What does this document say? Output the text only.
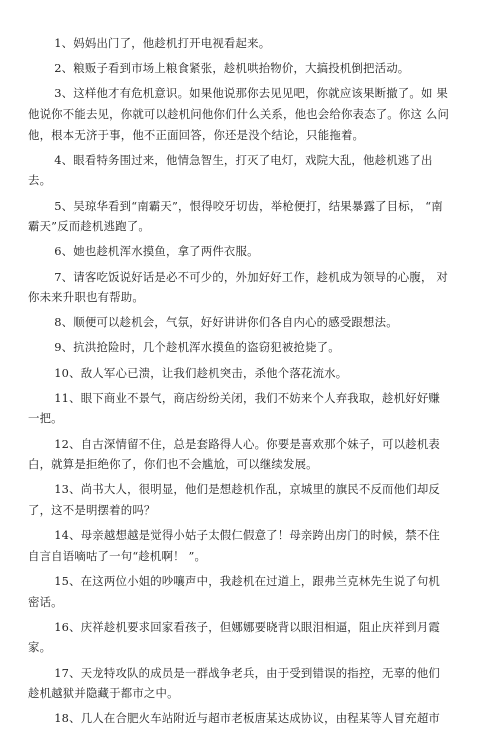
1、妈妈出门了，他趁机打开电视看起来。

2、粮贩子看到市场上粮食紧张，趁机哄抬物价，大搞投机倒把活动。

3、这样他才有危机意识。如果他说那你去见见吧，你就应该果断撤了。如 果他说你不能去见，你就可以趁机问他你们什么关系，他也会给你表态了。你这 么问他，根本无济于事，他不正面回答，你还是没个结论，只能拖着。

4、眼看特务围过来，他情急智生，打灭了电灯，戏院大乱，他趁机逃了出 去。

5、吴琼华看到“南霸天”，恨得咬牙切齿，举枪便打，结果暴露了目标， “南霸天”反而趁机逃跑了。

6、她也趁机浑水摸鱼，拿了两件衣服。

7、请客吃饭说好话是必不可少的，外加好好工作，趁机成为领导的心腹， 对你未来升职也有帮助。

8、顺便可以趁机会，气氛，好好讲讲你们各自内心的感受跟想法。

9、抗洪抢险时，几个趁机浑水摸鱼的盗窃犯被抢毙了。

10、敌人军心已溃，让我们趁机突击，杀他个落花流水。

11、眼下商业不景气，商店纷纷关闭，我们不妨来个人弃我取，趁机好好赚 一把。

12、自古深情留不住，总是套路得人心。你要是喜欢那个妹子，可以趁机表 白，就算是拒绝你了，你们也不会尴尬，可以继续发展。

13、尚书大人，很明显，他们是想趁机作乱，京城里的旗民不反而他们却反 了，这不是明摆着的吗？

14、母亲越想越是觉得小姑子太假仁假意了！母亲跨出房门的时候，禁不住 自言自语嘀咕了一句“趁机啊！ ”。

15、在这两位小姐的吵嚷声中，我趁机在过道上，跟弗兰克林先生说了句机 密话。

16、庆祥趁机要求回家看孩子，但娜娜要晓背以眼泪相逼，阻止庆祥到月霞 家。

17、天龙特攻队的成员是一群战争老兵，由于受到错误的指控，无辜的他们

趁机越狱并隐藏于都市之中。

18、几人在合肥火车站附近与超市老板唐某达成协议，由程某等人冒充超市
